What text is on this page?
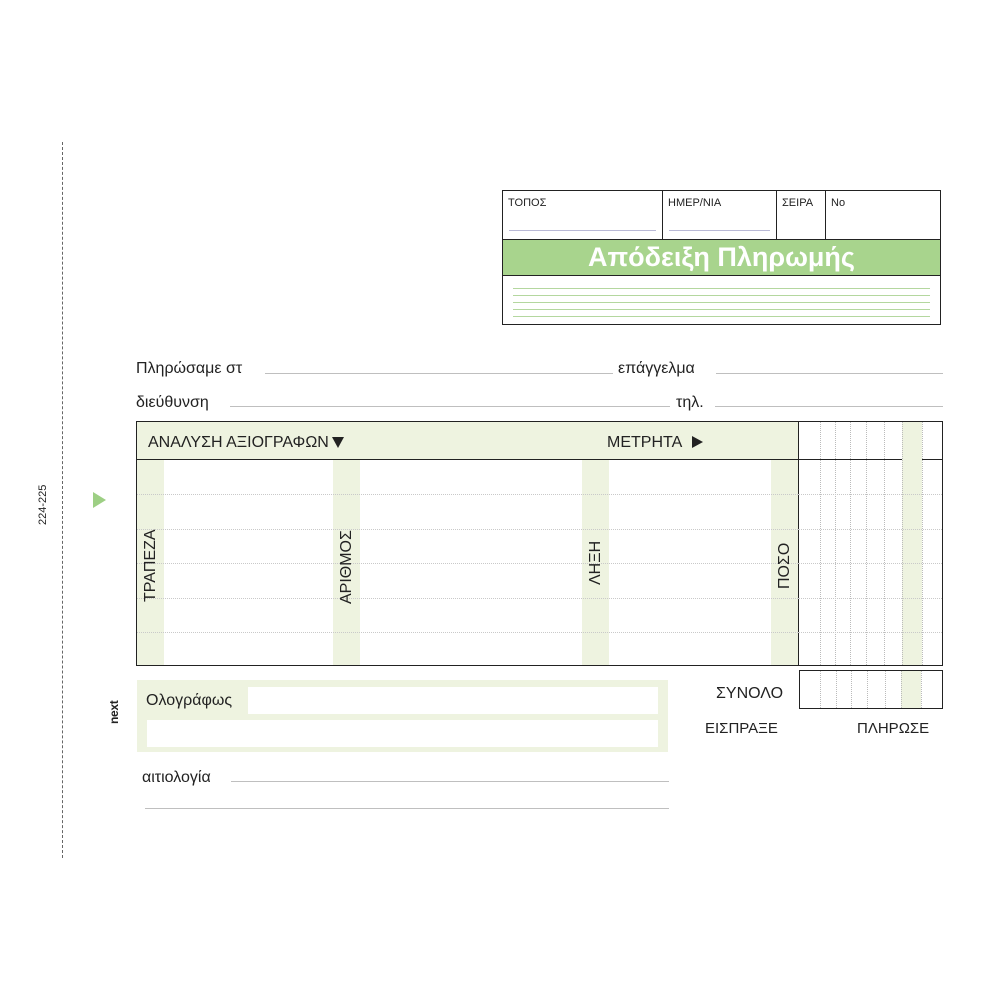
224-225
next
ΤΟΠΟΣ	ΗΜΕΡ/ΝΙΑ	ΣΕΙΡΑ	No
Απόδειξη Πληρωμής
Πληρώσαμε στ	επάγγελμα
διεύθυνση	τηλ.
ΑΝΑΛΥΣΗ ΑΞΙΟΓΡΑΦΩΝ	ΜΕΤΡΗΤΑ
ΤΡΑΠΕΖΑ	ΑΡΙΘΜΟΣ	ΛΗΞΗ	ΠΟΣΟ
ΣΥΝΟΛΟ
ΕΙΣΠΡΑΞΕ	ΠΛΗΡΩΣΕ
Ολογράφως
αιτιολογία
